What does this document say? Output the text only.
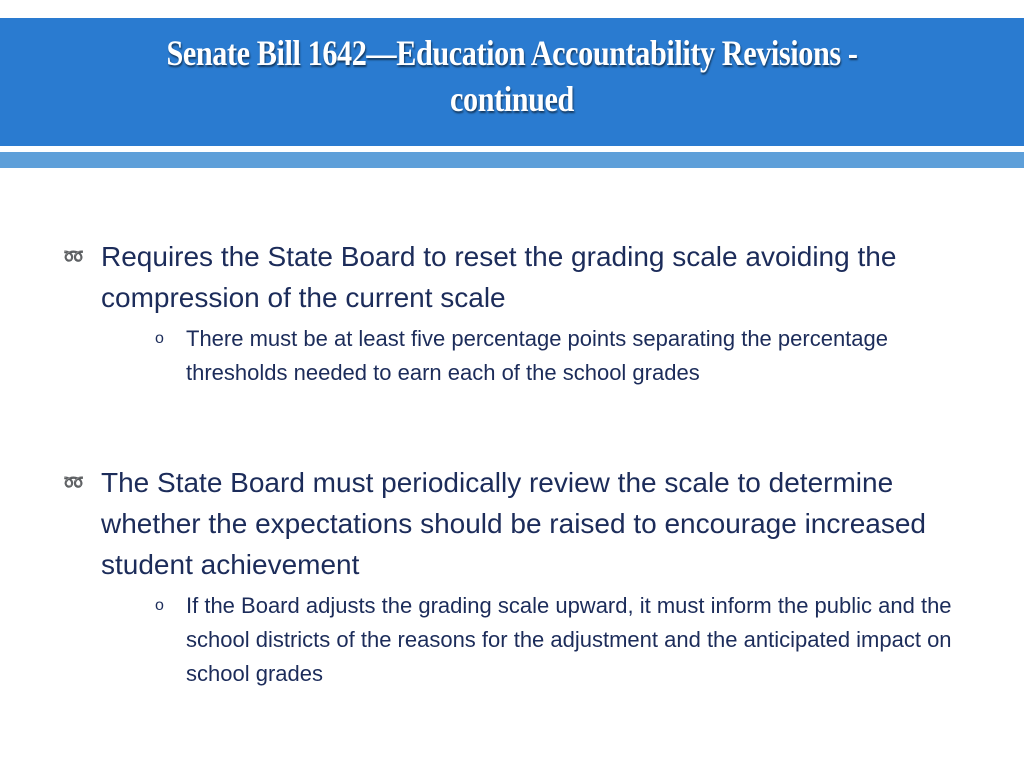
Senate Bill 1642—Education Accountability Revisions - continued
➿ Requires the State Board to reset the grading scale avoiding the compression of the current scale
o There must be at least five percentage points separating the percentage thresholds needed to earn each of the school grades
➿ The State Board must periodically review the scale to determine whether the expectations should be raised to encourage increased student achievement
o If the Board adjusts the grading scale upward, it must inform the public and the school districts of the reasons for the adjustment and the anticipated impact on school grades
